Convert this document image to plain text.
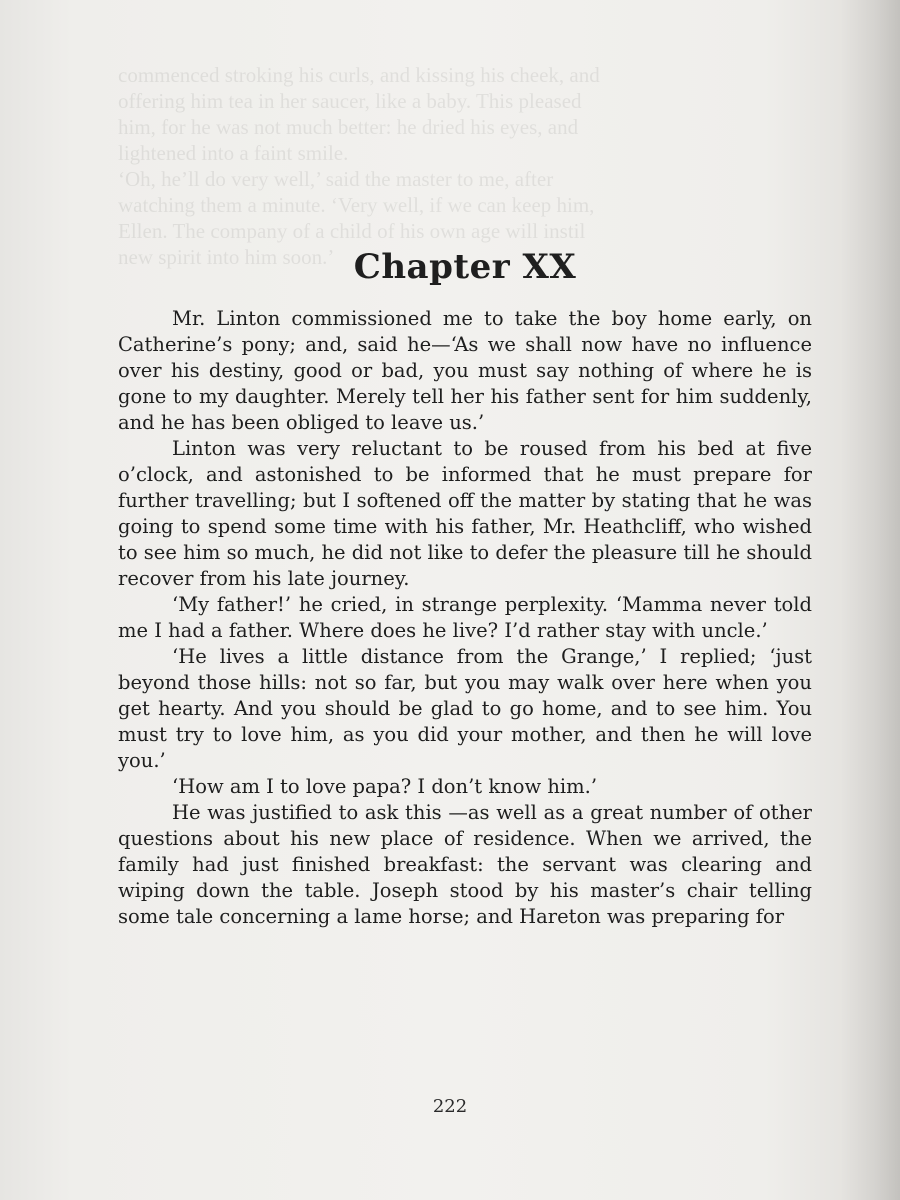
commenced stroking his curls, and kissing his cheek, and
offering him tea in her saucer, like a baby. This pleased
him, for he was not much better: he dried his eyes, and
lightened into a faint smile.
‘Oh, he’ll do very well,’ said the master to me, after
watching them a minute. ‘Very well, if we can keep him,
Ellen. The company of a child of his own age will instil
new spirit into him soon.’ Chapter XX

Mr. Linton commissioned me to take the boy home early, on Catherine’s pony; and, said he—‘As we shall now have no influence over his destiny, good or bad, you must say nothing of where he is gone to my daughter. Merely tell her his father sent for him suddenly, and he has been obliged to leave us.’

Linton was very reluctant to be roused from his bed at five o’clock, and astonished to be informed that he must prepare for further travelling; but I softened off the matter by stating that he was going to spend some time with his father, Mr. Heathcliff, who wished to see him so much, he did not like to defer the pleasure till he should recover from his late journey.

‘My father!’ he cried, in strange perplexity. ‘Mamma never told me I had a father. Where does he live? I’d rather stay with uncle.’

‘He lives a little distance from the Grange,’ I replied; ‘just beyond those hills: not so far, but you may walk over here when you get hearty. And you should be glad to go home, and to see him. You must try to love him, as you did your mother, and then he will love you.’

‘How am I to love papa? I don’t know him.’

He was justified to ask this —as well as a great number of other questions about his new place of residence. When we arrived, the family had just finished breakfast: the servant was clearing and wiping down the table. Joseph stood by his master’s chair telling some tale concerning a lame horse; and Hareton was preparing for

222
